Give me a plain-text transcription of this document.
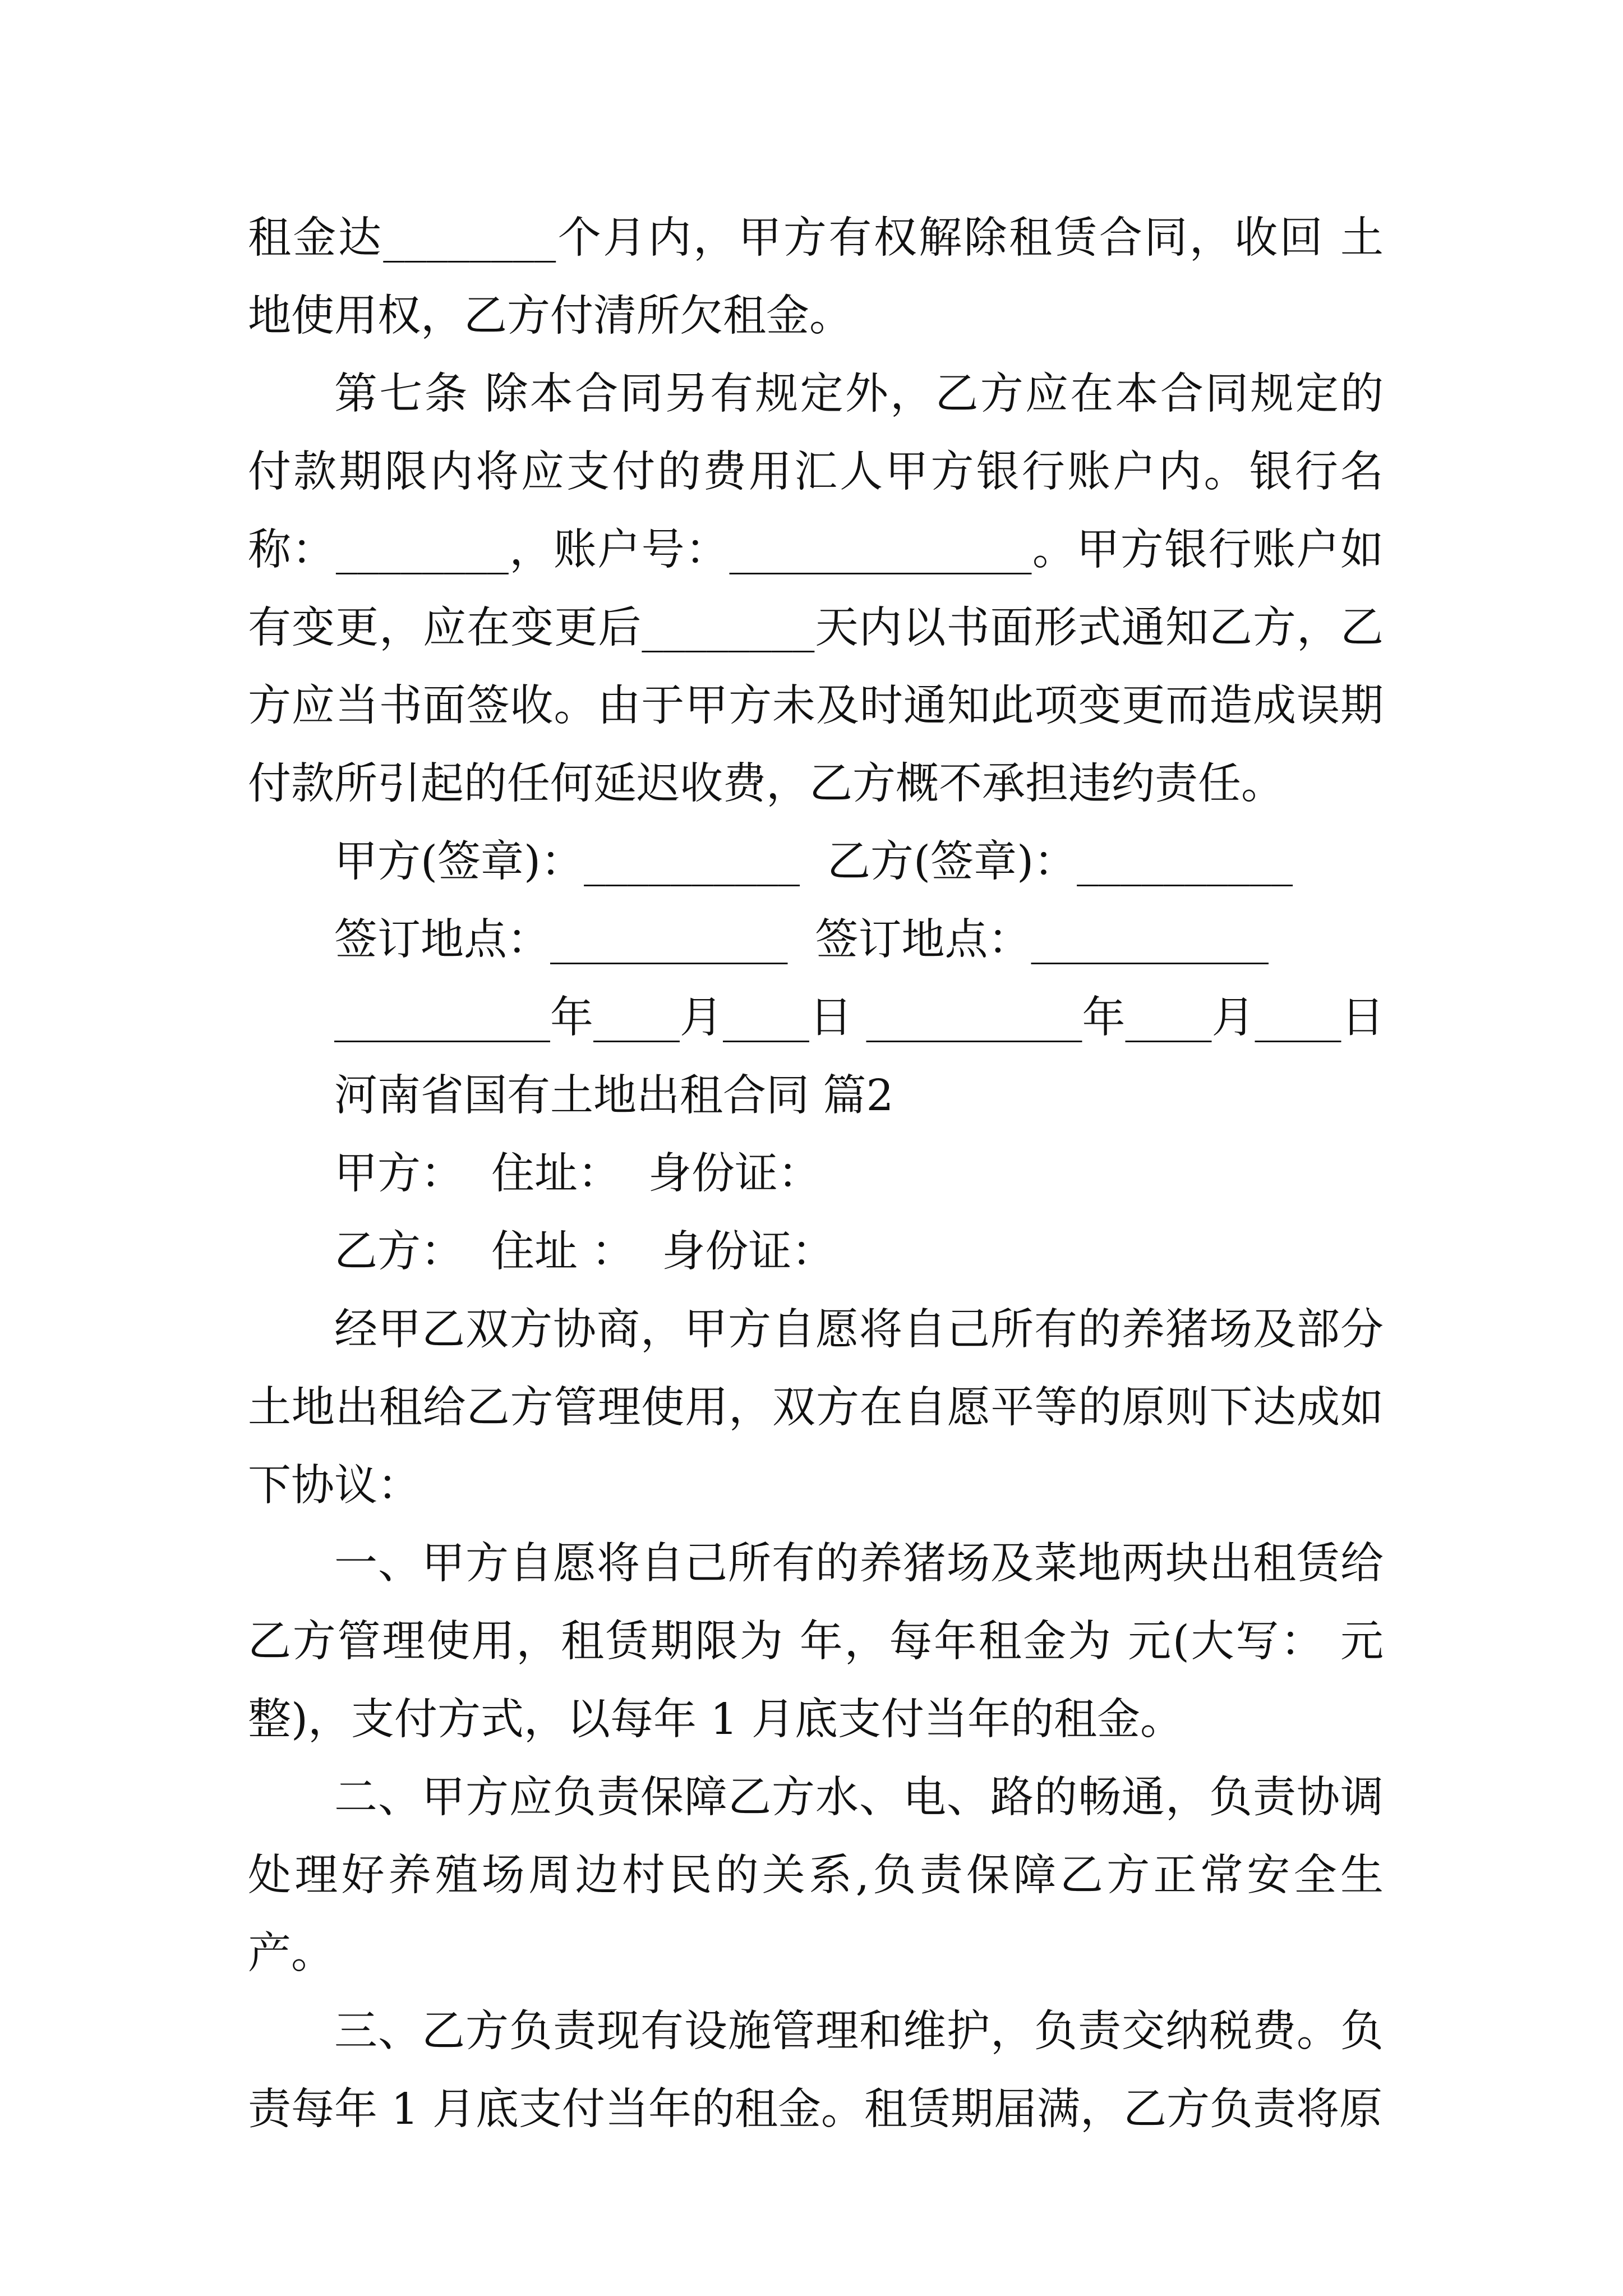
租金达________个月内，甲方有权解除租赁合同，收回 土地使用权，乙方付清所欠租金。

第七条 除本合同另有规定外，乙方应在本合同规定的付款期限内将应支付的费用汇人甲方银行账户内。银行名称：________，账户号：______________。甲方银行账户如有变更，应在变更后________天内以书面形式通知乙方，乙方应当书面签收。由于甲方未及时通知此项变更而造成误期付款所引起的任何延迟收费，乙方概不承担违约责任。

甲方(签章)：__________  乙方(签章)：__________
签订地点：___________  签订地点：___________
__________年____月____日 __________年____月____日
河南省国有土地出租合同 篇2
甲方：  住址：  身份证：
乙方：  住址 ：  身份证：

经甲乙双方协商，甲方自愿将自己所有的养猪场及部分土地出租给乙方管理使用，双方在自愿平等的原则下达成如下协议：

一、甲方自愿将自己所有的养猪场及菜地两块出租赁给乙方管理使用，租赁期限为 年，每年租金为 元(大写： 元整)，支付方式，以每年 1 月底支付当年的租金。

二、甲方应负责保障乙方水、电、路的畅通，负责协调处理好养殖场周边村民的关系,负责保障乙方正常安全生产。

三、乙方负责现有设施管理和维护，负责交纳税费。负责每年 1 月底支付当年的租金。租赁期届满，乙方负责将原
